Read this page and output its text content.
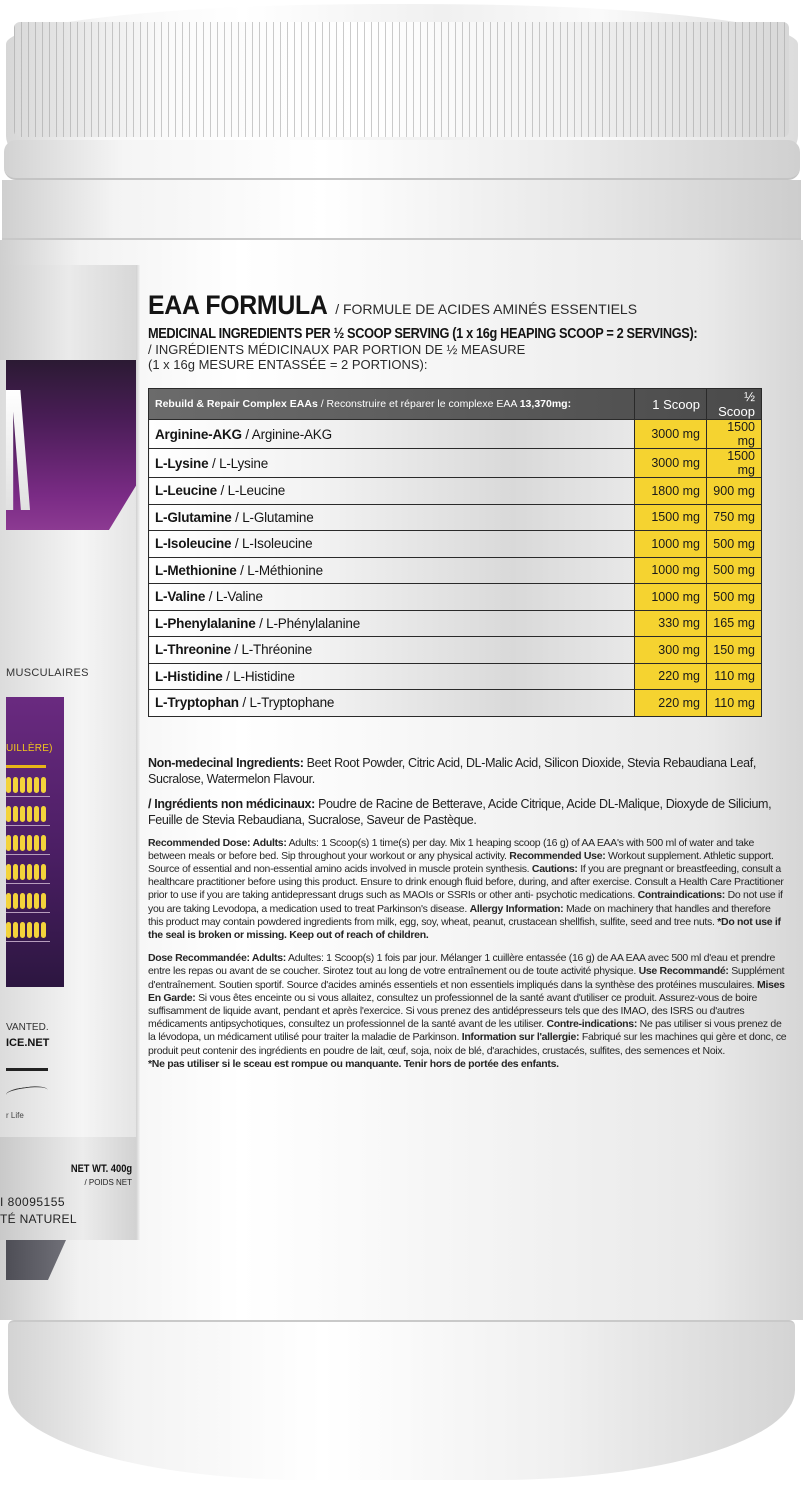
MUSCULAIRES
UILLÈRE)
VANTED.
ICE.NET
r Life
NET WT. 400g
/ POIDS NET
I 80095155
TÉ NATUREL
EAA FORMULA / FORMULE DE ACIDES AMINÉS ESSENTIELS
MEDICINAL INGREDIENTS PER ½ SCOOP SERVING (1 x 16g HEAPING SCOOP = 2 SERVINGS):
/ INGRÉDIENTS MÉDICINAUX PAR PORTION DE ½ MEASURE
(1 x 16g MESURE ENTASSÉE = 2 PORTIONS):
Rebuild & Repair Complex EAAs / Reconstruire et réparer le complexe EAA 13,370mg:	1 Scoop	½ Scoop
Arginine-AKG / Arginine-AKG	3000 mg	1500 mg
L-Lysine / L-Lysine	3000 mg	1500 mg
L-Leucine / L-Leucine	1800 mg	900 mg
L-Glutamine / L-Glutamine	1500 mg	750 mg
L-Isoleucine / L-Isoleucine	1000 mg	500 mg
L-Methionine / L-Méthionine	1000 mg	500 mg
L-Valine / L-Valine	1000 mg	500 mg
L-Phenylalanine / L-Phénylalanine	330 mg	165 mg
L-Threonine / L-Thréonine	300 mg	150 mg
L-Histidine / L-Histidine	220 mg	110 mg
L-Tryptophan / L-Tryptophane	220 mg	110 mg

Non-medecinal Ingredients: Beet Root Powder, Citric Acid, DL-Malic Acid, Silicon Dioxide, Stevia Rebaudiana Leaf, Sucralose, Watermelon Flavour.

/ Ingrédients non médicinaux: Poudre de Racine de Betterave, Acide Citrique, Acide DL-Malique, Dioxyde de Silicium, Feuille de Stevia Rebaudiana, Sucralose, Saveur de Pastèque.

Recommended Dose: Adults: Adults: 1 Scoop(s) 1 time(s) per day. Mix 1 heaping scoop (16 g) of AA EAA's with 500 ml of water and take between meals or before bed. Sip throughout your workout or any physical activity. Recommended Use: Workout supplement. Athletic support. Source of essential and non-essential amino acids involved in muscle protein synthesis. Cautions: If you are pregnant or breastfeeding, consult a healthcare practitioner before using this product. Ensure to drink enough fluid before, during, and after exercise. Consult a Health Care Practitioner prior to use if you are taking antidepressant drugs such as MAOIs or SSRIs or other anti- psychotic medications. Contraindications: Do not use if you are taking Levodopa, a medication used to treat Parkinson's disease. Allergy Information: Made on machinery that handles and therefore this product may contain powdered ingredients from milk, egg, soy, wheat, peanut, crustacean shellfish, sulfite, seed and tree nuts. *Do not use if the seal is broken or missing. Keep out of reach of children.

Dose Recommandée: Adults: Adultes: 1 Scoop(s) 1 fois par jour. Mélanger 1 cuillère entassée (16 g) de AA EAA avec 500 ml d'eau et prendre entre les repas ou avant de se coucher. Sirotez tout au long de votre entraînement ou de toute activité physique. Use Recommandé: Supplément d'entraînement. Soutien sportif. Source d'acides aminés essentiels et non essentiels impliqués dans la synthèse des protéines musculaires. Mises En Garde: Si vous êtes enceinte ou si vous allaitez, consultez un professionnel de la santé avant d'utiliser ce produit. Assurez-vous de boire suffisamment de liquide avant, pendant et après l'exercice. Si vous prenez des antidépresseurs tels que des IMAO, des ISRS ou d'autres médicaments antipsychotiques, consultez un professionnel de la santé avant de les utiliser. Contre-indications: Ne pas utiliser si vous prenez de la lévodopa, un médicament utilisé pour traiter la maladie de Parkinson. Information sur l'allergie: Fabriqué sur les machines qui gère et donc, ce produit peut contenir des ingrédients en poudre de lait, œuf, soja, noix de blé, d'arachides, crustacés, sulfites, des semences et Noix.
*Ne pas utiliser si le sceau est rompue ou manquante. Tenir hors de portée des enfants.
